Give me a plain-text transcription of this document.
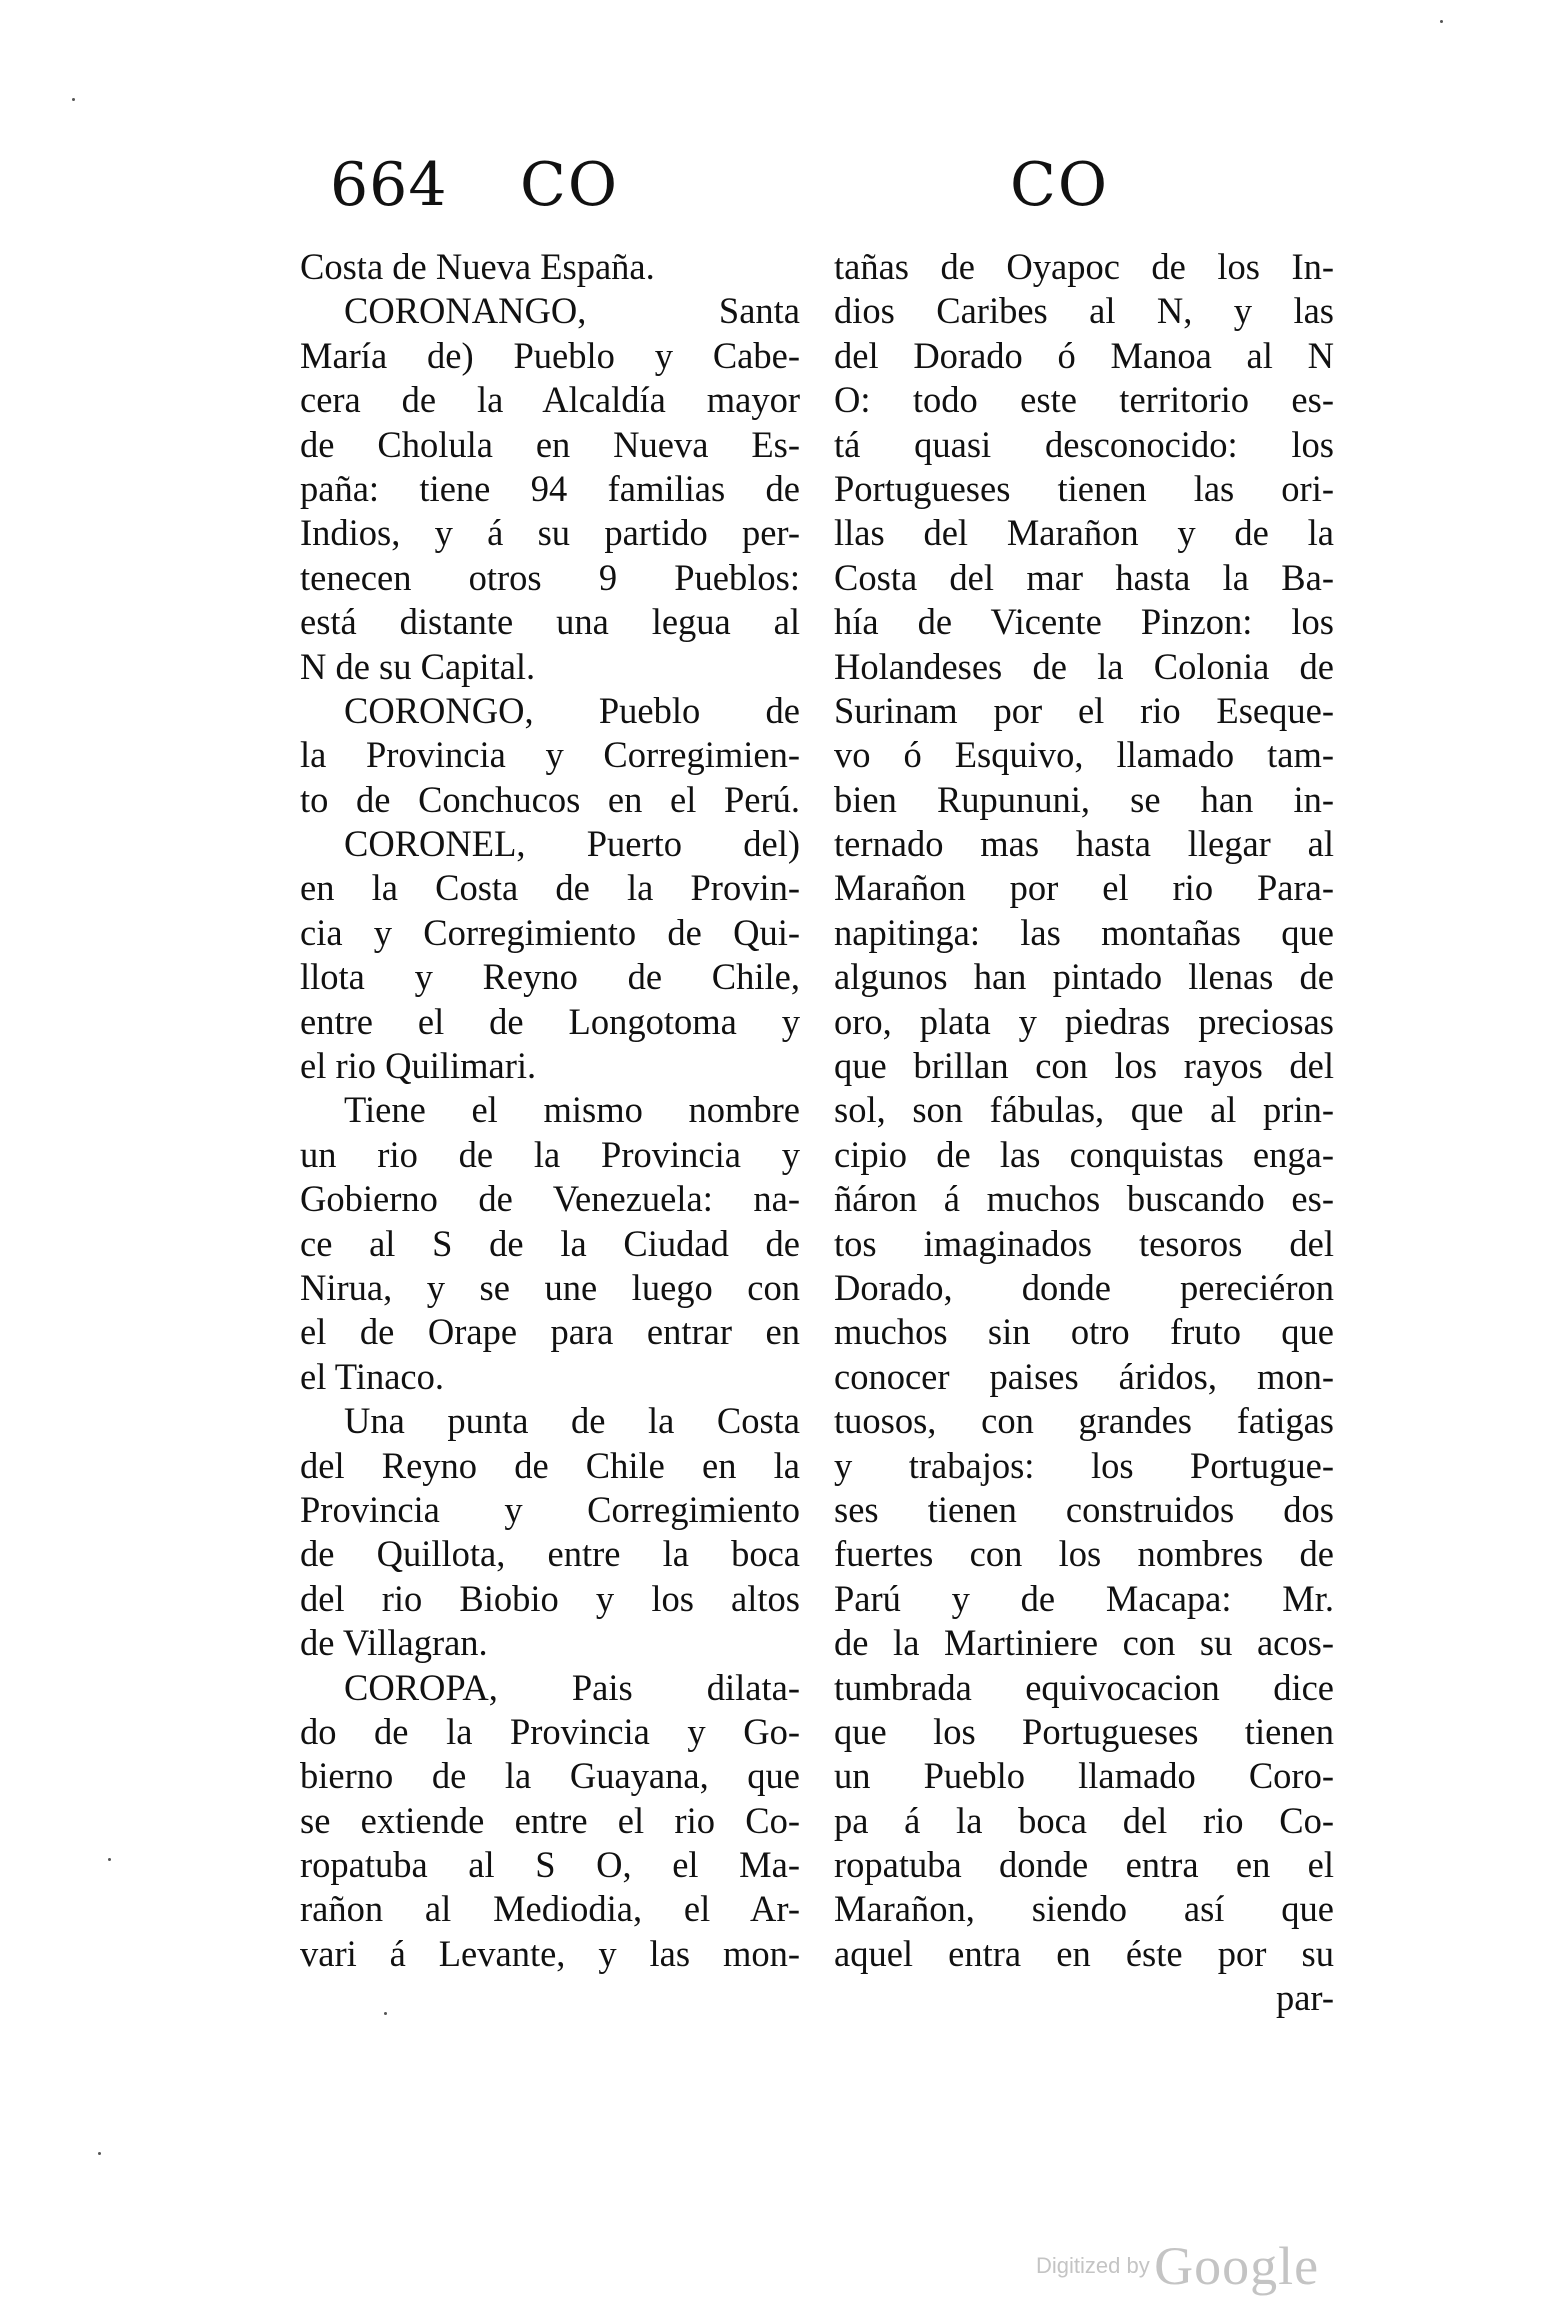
664 CO	CO
Costa de Nueva España.
CORONANGO, Santa
María de) Pueblo y Cabe-
cera de la Alcaldía mayor
de Cholula en Nueva Es-
paña: tiene 94 familias de
Indios, y á su partido per-
tenecen otros 9 Pueblos:
está distante una legua al
N de su Capital.
CORONGO, Pueblo de
la Provincia y Corregimien-
to de Conchucos en el Perú.
CORONEL, Puerto del)
en la Costa de la Provin-
cia y Corregimiento de Qui-
llota y Reyno de Chile,
entre el de Longotoma y
el rio Quilimari.
Tiene el mismo nombre
un rio de la Provincia y
Gobierno de Venezuela: na-
ce al S de la Ciudad de
Nirua, y se une luego con
el de Orape para entrar en
el Tinaco.
Una punta de la Costa
del Reyno de Chile en la
Provincia y Corregimiento
de Quillota, entre la boca
del rio Biobio y los altos
de Villagran.
COROPA, Pais dilata-
do de la Provincia y Go-
bierno de la Guayana, que
se extiende entre el rio Co-
ropatuba al S O, el Ma-
rañon al Mediodia, el Ar-
vari á Levante, y las mon-
tañas de Oyapoc de los In-
dios Caribes al N, y las
del Dorado ó Manoa al N
O: todo este territorio es-
tá quasi desconocido: los
Portugueses tienen las ori-
llas del Marañon y de la
Costa del mar hasta la Ba-
hía de Vicente Pinzon: los
Holandeses de la Colonia de
Surinam por el rio Eseque-
vo ó Esquivo, llamado tam-
bien Rupununi, se han in-
ternado mas hasta llegar al
Marañon por el rio Para-
napitinga: las montañas que
algunos han pintado llenas de
oro, plata y piedras preciosas
que brillan con los rayos del
sol, son fábulas, que al prin-
cipio de las conquistas enga-
ñáron á muchos buscando es-
tos imaginados tesoros del
Dorado, donde pereciéron
muchos sin otro fruto que
conocer paises áridos, mon-
tuosos, con grandes fatigas
y trabajos: los Portugue-
ses tienen construidos dos
fuertes con los nombres de
Parú y de Macapa: Mr.
de la Martiniere con su acos-
tumbrada equivocacion dice
que los Portugueses tienen
un Pueblo llamado Coro-
pa á la boca del rio Co-
ropatuba donde entra en el
Marañon, siendo así que
aquel entra en éste por su
par-
Digitized by Google
